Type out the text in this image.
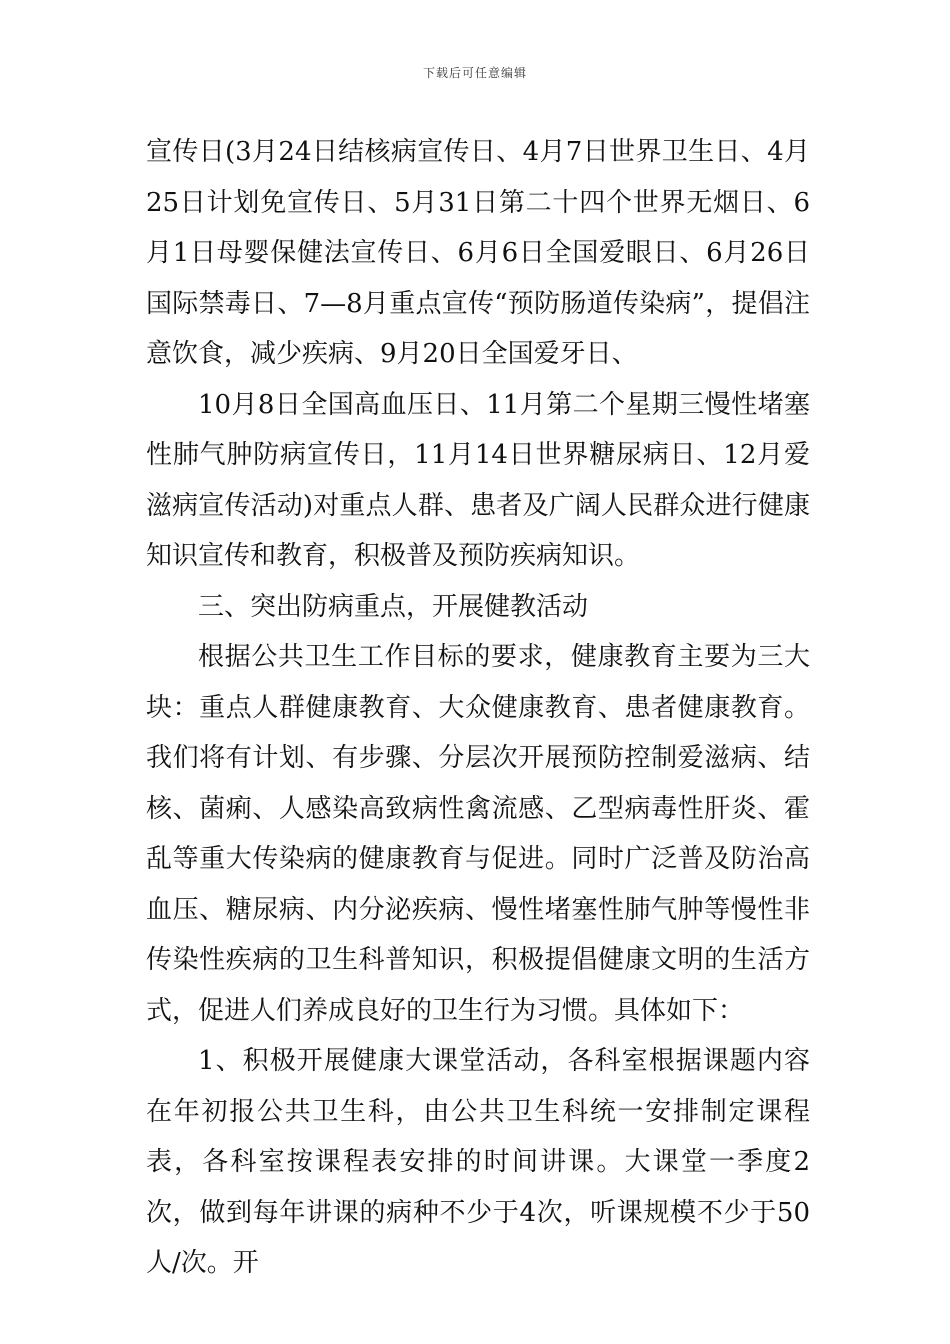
下载后可任意编辑

宣传日(3月24日结核病宣传日、4月7日世界卫生日、4月25日计划免宣传日、5月31日第二十四个世界无烟日、6月1日母婴保健法宣传日、6月6日全国爱眼日、6月26日国际禁毒日、7—8月重点宣传“预防肠道传染病”，提倡注意饮食，减少疾病、9月20日全国爱牙日、

10月8日全国高血压日、11月第二个星期三慢性堵塞性肺气肿防病宣传日，11月14日世界糖尿病日、12月爱滋病宣传活动)对重点人群、患者及广阔人民群众进行健康知识宣传和教育，积极普及预防疾病知识。

三、突出防病重点，开展健教活动

根据公共卫生工作目标的要求，健康教育主要为三大块：重点人群健康教育、大众健康教育、患者健康教育。我们将有计划、有步骤、分层次开展预防控制爱滋病、结核、菌痢、人感染高致病性禽流感、乙型病毒性肝炎、霍乱等重大传染病的健康教育与促进。同时广泛普及防治高血压、糖尿病、内分泌疾病、慢性堵塞性肺气肿等慢性非传染性疾病的卫生科普知识，积极提倡健康文明的生活方式，促进人们养成良好的卫生行为习惯。具体如下：

1、积极开展健康大课堂活动，各科室根据课题内容在年初报公共卫生科，由公共卫生科统一安排制定课程表，各科室按课程表安排的时间讲课。大课堂一季度2次，做到每年讲课的病种不少于4次，听课规模不少于50人/次。开
